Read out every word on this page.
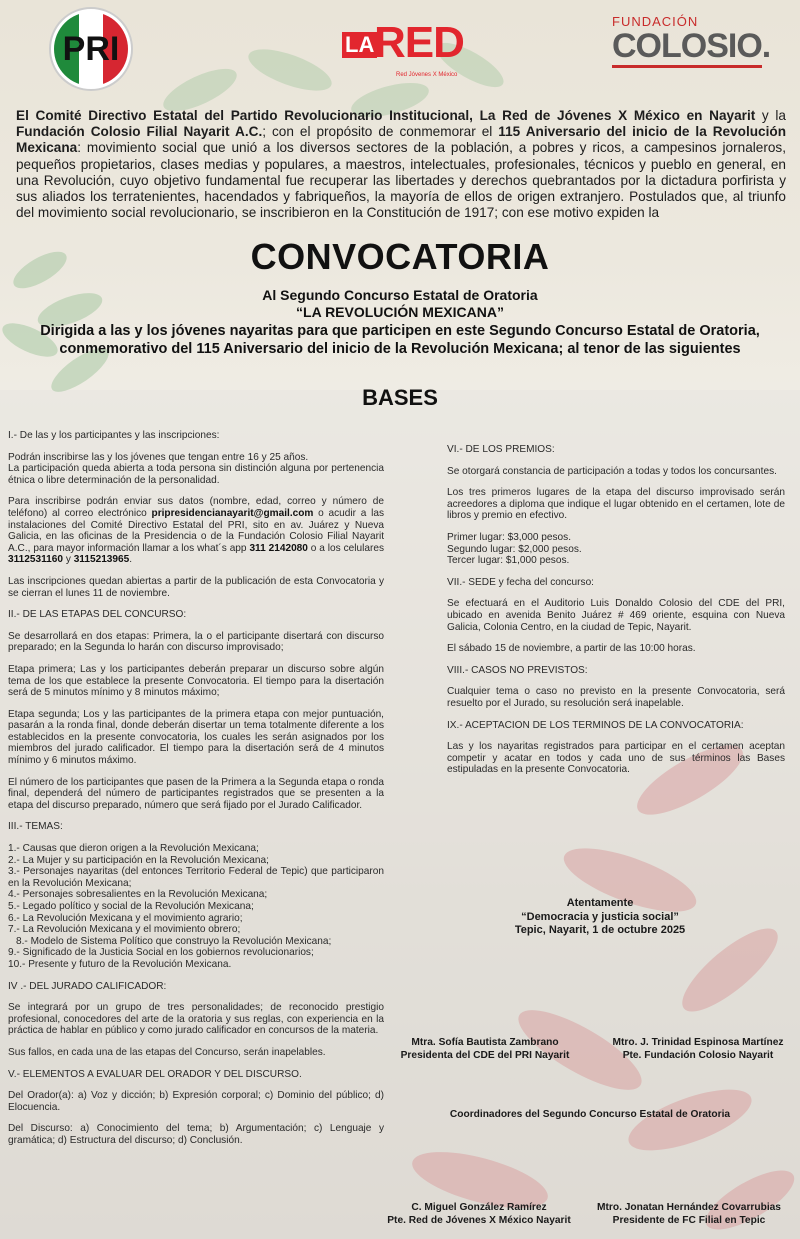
PRI	LA RED
Red Jóvenes X México
FUNDACIÓN
COLOSIO.
El Comité Directivo Estatal del Partido Revolucionario Institucional, La Red de Jóvenes X México en Nayarit y la Fundación Colosio Filial Nayarit A.C.; con el propósito de conmemorar el 115 Aniversario del inicio de la Revolución Mexicana: movimiento social que unió a los diversos sectores de la población, a pobres y ricos, a campesinos jornaleros, pequeños propietarios, clases medias y populares, a maestros, intelectuales, profesionales, técnicos y pueblo en general, en una Revolución, cuyo objetivo fundamental fue recuperar las libertades y derechos quebrantados por la dictadura porfirista y sus aliados los terratenientes, hacendados y fabriqueños, la mayoría de ellos de origen extranjero. Postulados que, al triunfo del movimiento social revolucionario, se inscribieron en la Constitución de 1917; con ese motivo expiden la
CONVOCATORIA
Al Segundo Concurso Estatal de Oratoria
“LA REVOLUCIÓN MEXICANA”
Dirigida a las y los jóvenes nayaritas para que participen en este Segundo Concurso Estatal de Oratoria, conmemorativo del 115 Aniversario del inicio de la Revolución Mexicana; al tenor de las siguientes
BASES

I.- De las y los participantes y las inscripciones:

Podrán inscribirse las y los jóvenes que tengan entre 16 y 25 años.

La participación queda abierta a toda persona sin distinción alguna por pertenencia étnica o libre determinación de la personalidad.

Para inscribirse podrán enviar sus datos (nombre, edad, correo y número de teléfono) al correo electrónico pripresidencianayarit@gmail.com o acudir a las instalaciones del Comité Directivo Estatal del PRI, sito en av. Juárez y Nueva Galicia, en las oficinas de la Presidencia o de la Fundación Colosio Filial Nayarit A.C., para mayor información llamar a los what´s app 311 2142080 o a los celulares 3112531160 y 3115213965.

Las inscripciones quedan abiertas a partir de la publicación de esta Convocatoria y se cierran el lunes 11 de noviembre.

II.- DE LAS ETAPAS DEL CONCURSO:

Se desarrollará en dos etapas: Primera, la o el participante disertará con discurso preparado; en la Segunda lo harán con discurso improvisado;

Etapa primera; Las y los participantes deberán preparar un discurso sobre algún tema de los que establece la presente Convocatoria. El tiempo para la disertación será de 5 minutos mínimo y 8 minutos máximo;

Etapa segunda; Los y las participantes de la primera etapa con mejor puntuación, pasarán a la ronda final, donde deberán disertar un tema totalmente diferente a los establecidos en la presente convocatoria, los cuales les serán asignados por los miembros del jurado calificador. El tiempo para la disertación será de 4 minutos mínimo y 6 minutos máximo.

El número de los participantes que pasen de la Primera a la Segunda etapa o ronda final, dependerá del número de participantes registrados que se presenten a la etapa del discurso preparado, número que será fijado por el Jurado Calificador.

III.- TEMAS:

1.- Causas que dieron origen a la Revolución Mexicana;
2.- La Mujer y su participación en la Revolución Mexicana;
3.- Personajes nayaritas (del entonces Territorio Federal de Tepic) que participaron en la Revolución Mexicana;
4.- Personajes sobresalientes en la Revolución Mexicana;
5.- Legado político y social de la Revolución Mexicana;
6.- La Revolución Mexicana y el movimiento agrario;
7.- La Revolución Mexicana y el movimiento obrero;
8.- Modelo de Sistema Político que construyo la Revolución Mexicana;
9.- Significado de la Justicia Social en los gobiernos revolucionarios;
10.- Presente y futuro de la Revolución Mexicana.

IV .- DEL JURADO CALIFICADOR:

Se integrará por un grupo de tres personalidades; de reconocido prestigio profesional, conocedores del arte de la oratoria y sus reglas, con experiencia en la práctica de hablar en público y como jurado calificador en concursos de la materia.

Sus fallos, en cada una de las etapas del Concurso, serán inapelables.

V.- ELEMENTOS A EVALUAR DEL ORADOR Y DEL DISCURSO.

Del Orador(a): a) Voz y dicción; b) Expresión corporal; c) Dominio del público; d) Elocuencia.

Del Discurso: a) Conocimiento del tema; b) Argumentación; c) Lenguaje y gramática; d) Estructura del discurso; d) Conclusión.

VI.- DE LOS PREMIOS:

Se otorgará constancia de participación a todas y todos los concursantes.

Los tres primeros lugares de la etapa del discurso improvisado serán acreedores a diploma que indique el lugar obtenido en el certamen, lote de libros y premio en efectivo.

Primer lugar: $3,000 pesos.
Segundo lugar: $2,000 pesos.
Tercer lugar: $1,000 pesos.

VII.- SEDE y fecha del concurso:

Se efectuará en el Auditorio Luis Donaldo Colosio del CDE del PRI, ubicado en avenida Benito Juárez # 469 oriente, esquina con Nueva Galicia, Colonia Centro, en la ciudad de Tepic, Nayarit.

El sábado 15 de noviembre, a partir de las 10:00 horas.

VIII.- CASOS NO PREVISTOS:

Cualquier tema o caso no previsto en la presente Convocatoria, será resuelto por el Jurado, su resolución será inapelable.

IX.- ACEPTACION DE LOS TERMINOS DE LA CONVOCATORIA:

Las y los nayaritas registrados para participar en el certamen aceptan competir y acatar en todos y cada uno de sus términos las Bases estipuladas en la presente Convocatoria.

Atentamente
“Democracia y justicia social”
Tepic, Nayarit, 1 de octubre 2025
Mtra. Sofía Bautista Zambrano
Presidenta del CDE del PRI Nayarit
Mtro. J. Trinidad Espinosa Martínez
Pte. Fundación Colosio Nayarit
Coordinadores del Segundo Concurso Estatal de Oratoria
C. Miguel González Ramírez
Pte. Red de Jóvenes X México Nayarit
Mtro. Jonatan Hernández Covarrubias
Presidente de FC Filial en Tepic
